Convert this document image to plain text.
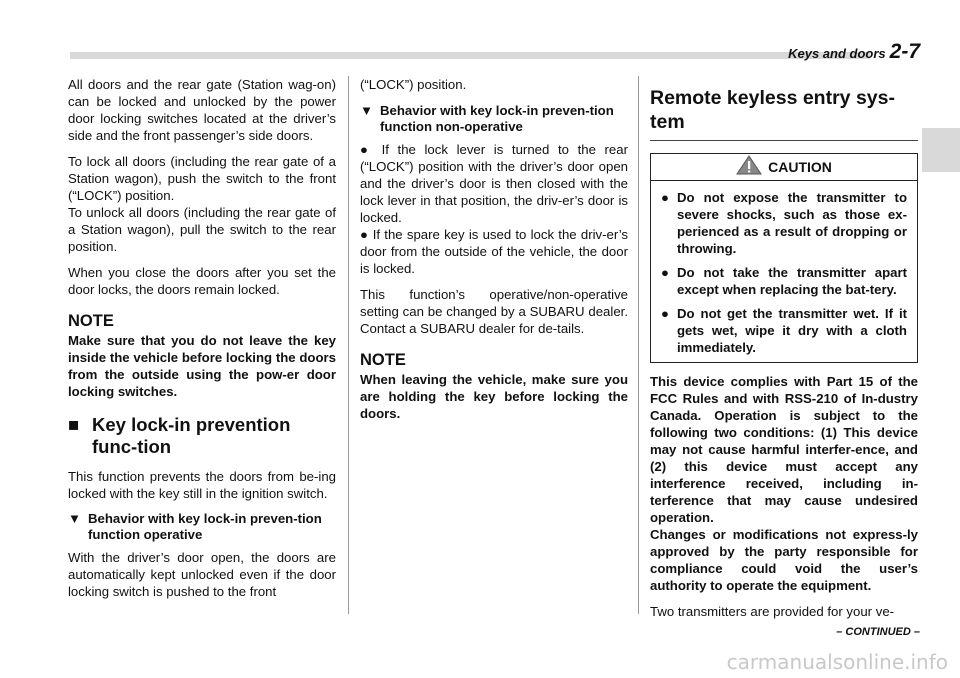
Keys and doors 2-7

All doors and the rear gate (Station wag-on) can be locked and unlocked by the power door locking switches located at the driver’s side and the front passenger’s side doors.

To lock all doors (including the rear gate of a Station wagon), push the switch to the front (“LOCK”) position.
To unlock all doors (including the rear gate of a Station wagon), pull the switch to the rear position.

When you close the doors after you set the door locks, the doors remain locked.

NOTE
Make sure that you do not leave the key inside the vehicle before locking the doors from the outside using the pow-er door locking switches.
■ Key lock-in prevention func-tion

This function prevents the doors from be-ing locked with the key still in the ignition switch.

▼ Behavior with key lock-in preven-tion function operative

With the driver’s door open, the doors are automatically kept unlocked even if the door locking switch is pushed to the front

(“LOCK”) position.

▼ Behavior with key lock-in preven-tion function non-operative

● If the lock lever is turned to the rear (“LOCK”) position with the driver’s door open and the driver’s door is then closed with the lock lever in that position, the driv-er’s door is locked.

● If the spare key is used to lock the driv-er’s door from the outside of the vehicle, the door is locked.

This function’s operative/non-operative setting can be changed by a SUBARU dealer. Contact a SUBARU dealer for de-tails.

NOTE
When leaving the vehicle, make sure you are holding the key before locking the doors.
Remote keyless entry sys-tem
CAUTION
● Do not expose the transmitter to severe shocks, such as those ex-perienced as a result of dropping or throwing.
● Do not take the transmitter apart except when replacing the bat-tery.
● Do not get the transmitter wet. If it gets wet, wipe it dry with a cloth immediately.
This device complies with Part 15 of the FCC Rules and with RSS-210 of In-dustry Canada. Operation is subject to the following two conditions: (1) This device may not cause harmful interfer-ence, and (2) this device must accept any interference received, including in-terference that may cause undesired operation.
Changes or modifications not express-ly approved by the party responsible for compliance could void the user’s authority to operate the equipment.

Two transmitters are provided for your ve-

– CONTINUED –
carmanualsonline.info
